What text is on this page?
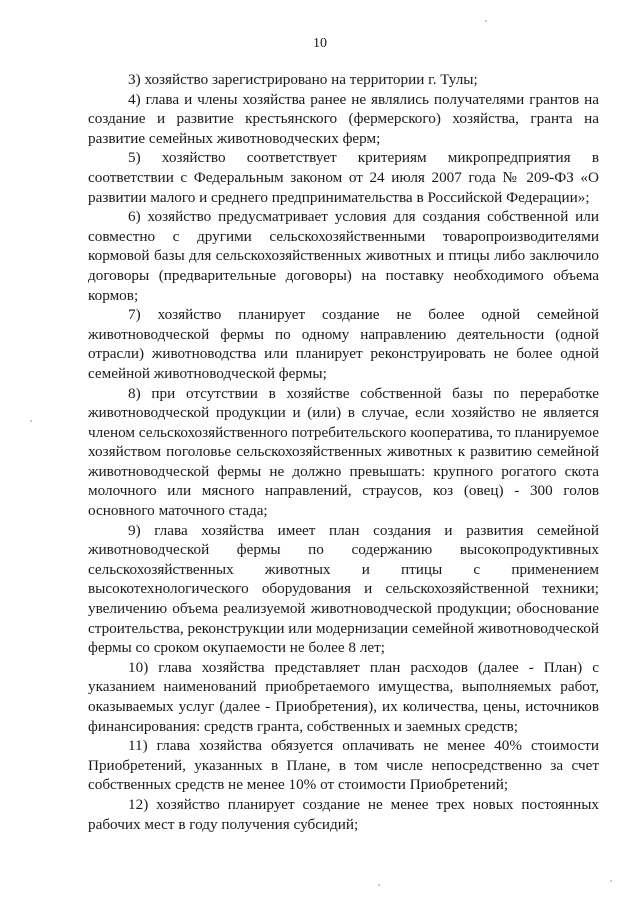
10

3) хозяйство зарегистрировано на территории г. Тулы;

4) глава и члены хозяйства ранее не являлись получателями грантов на создание и развитие крестьянского (фермерского) хозяйства, гранта на развитие семейных животноводческих ферм;

5) хозяйство соответствует критериям микропредприятия в соответствии с Федеральным законом от 24 июля 2007 года № 209-ФЗ «О развитии малого и среднего предпринимательства в Российской Федерации»;

6) хозяйство предусматривает условия для создания собственной или совместно с другими сельскохозяйственными товаропроизводителями кормовой базы для сельскохозяйственных животных и птицы либо заключило договоры (предварительные договоры) на поставку необходимого объема кормов;

7) хозяйство планирует создание не более одной семейной животноводческой фермы по одному направлению деятельности (одной отрасли) животноводства или планирует реконструировать не более одной семейной животноводческой фермы;

8) при отсутствии в хозяйстве собственной базы по переработке животноводческой продукции и (или) в случае, если хозяйство не является членом сельскохозяйственного потребительского кооператива, то планируемое хозяйством поголовье сельскохозяйственных животных к развитию семейной животноводческой фермы не должно превышать: крупного рогатого скота молочного или мясного направлений, страусов, коз (овец) - 300 голов основного маточного стада;

9) глава хозяйства имеет план создания и развития семейной животноводческой фермы по содержанию высокопродуктивных сельскохозяйственных животных и птицы с применением высокотехнологического оборудования и сельскохозяйственной техники; увеличению объема реализуемой животноводческой продукции; обоснование строительства, реконструкции или модернизации семейной животноводческой фермы со сроком окупаемости не более 8 лет;

10) глава хозяйства представляет план расходов (далее - План) с указанием наименований приобретаемого имущества, выполняемых работ, оказываемых услуг (далее - Приобретения), их количества, цены, источников финансирования: средств гранта, собственных и заемных средств;

11) глава хозяйства обязуется оплачивать не менее 40% стоимости Приобретений, указанных в Плане, в том числе непосредственно за счет собственных средств не менее 10% от стоимости Приобретений;

12) хозяйство планирует создание не менее трех новых постоянных рабочих мест в году получения субсидий;
